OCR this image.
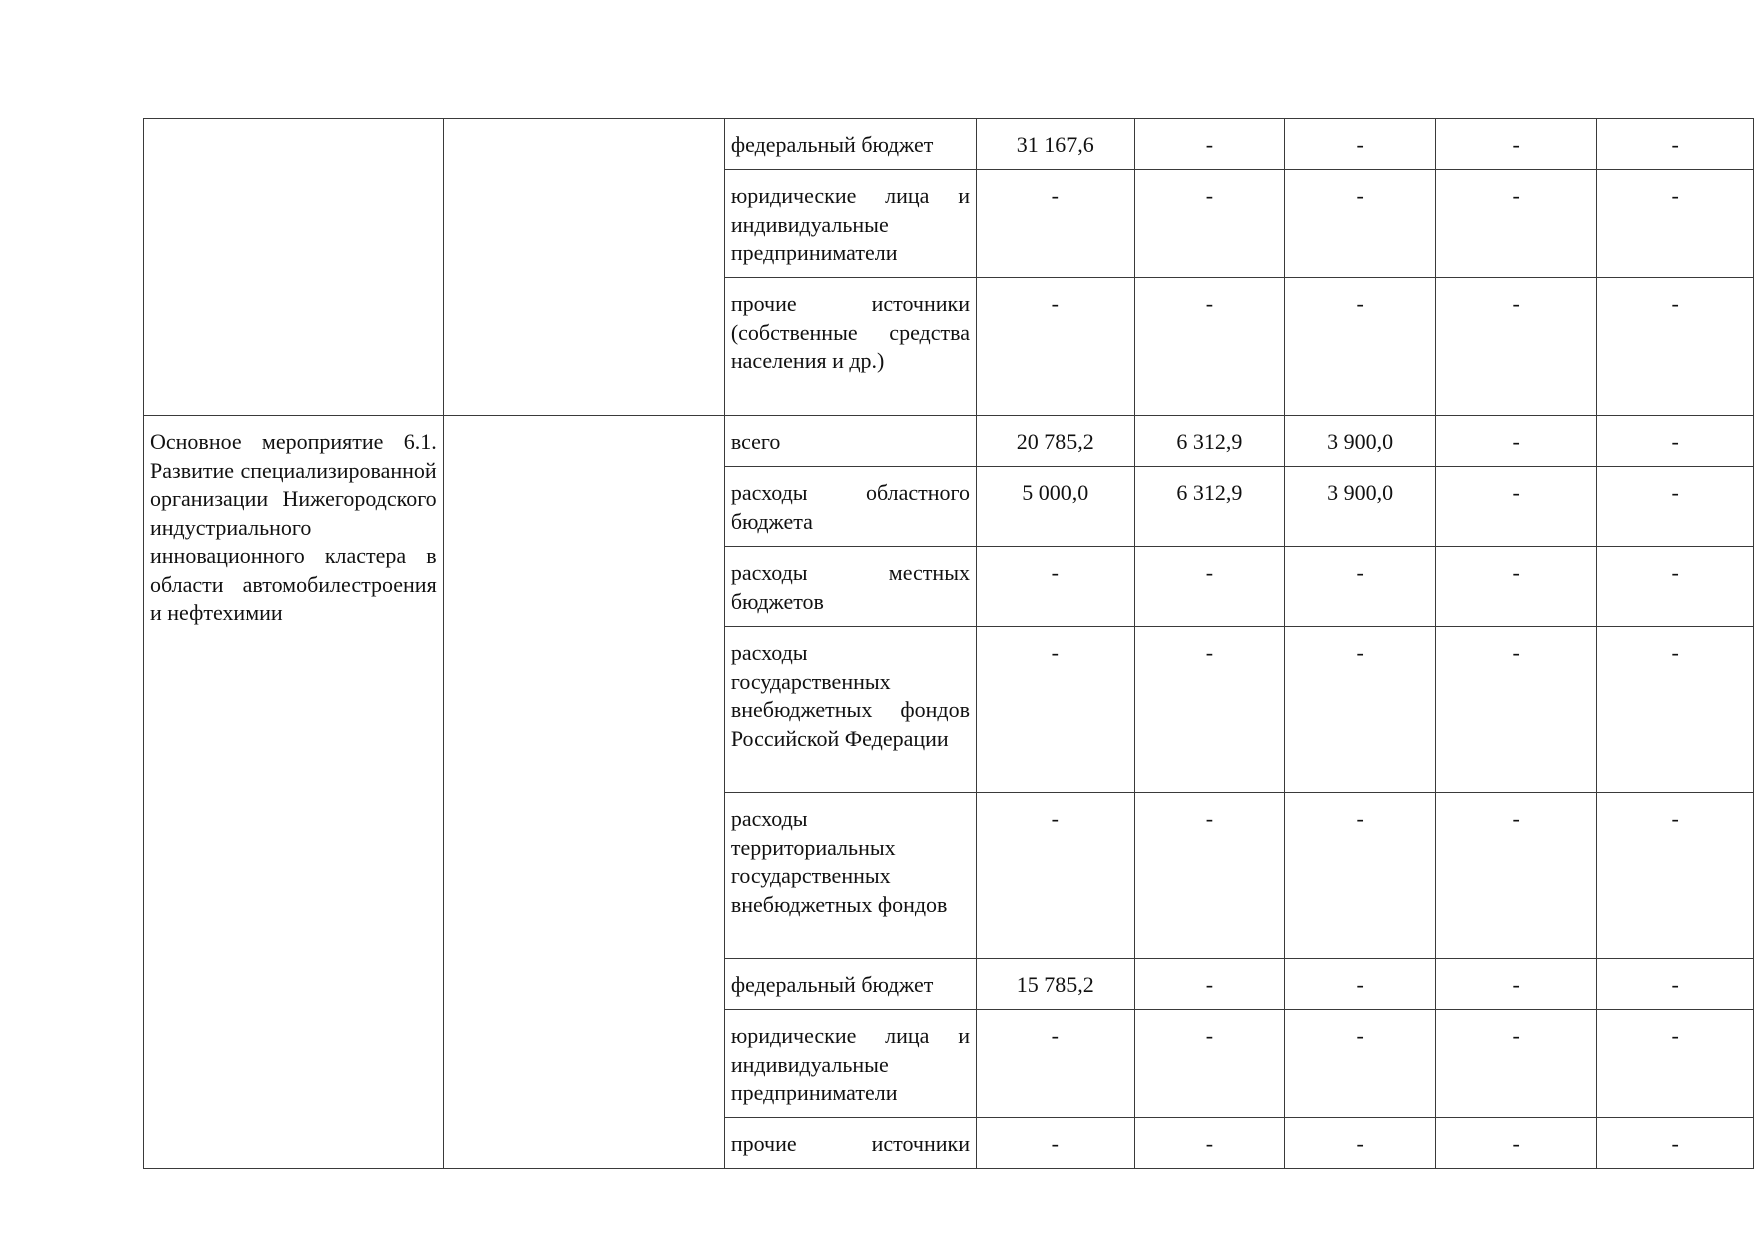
		федеральный бюджет	31 167,6	-	-	-	-
		юридические лица и индивидуальные предприниматели	-	-	-	-	-
		прочие источники (собственные средства населения и др.)	-	-	-	-	-
Основное мероприятие 6.1. Развитие специализированной организации Нижегородского индустриального инновационного кластера в области автомобилестроения и нефтехимии		всего	20 785,2	6 312,9	3 900,0	-	-
		расходы областного бюджета	5 000,0	6 312,9	3 900,0	-	-
		расходы местных бюджетов	-	-	-	-	-
		расходы государственных внебюджетных фондов Российской Федерации	-	-	-	-	-
		расходы территориальных государственных внебюджетных фондов	-	-	-	-	-
		федеральный бюджет	15 785,2	-	-	-	-
		юридические лица и индивидуальные предприниматели	-	-	-	-	-
		прочие источники	-	-	-	-	-
